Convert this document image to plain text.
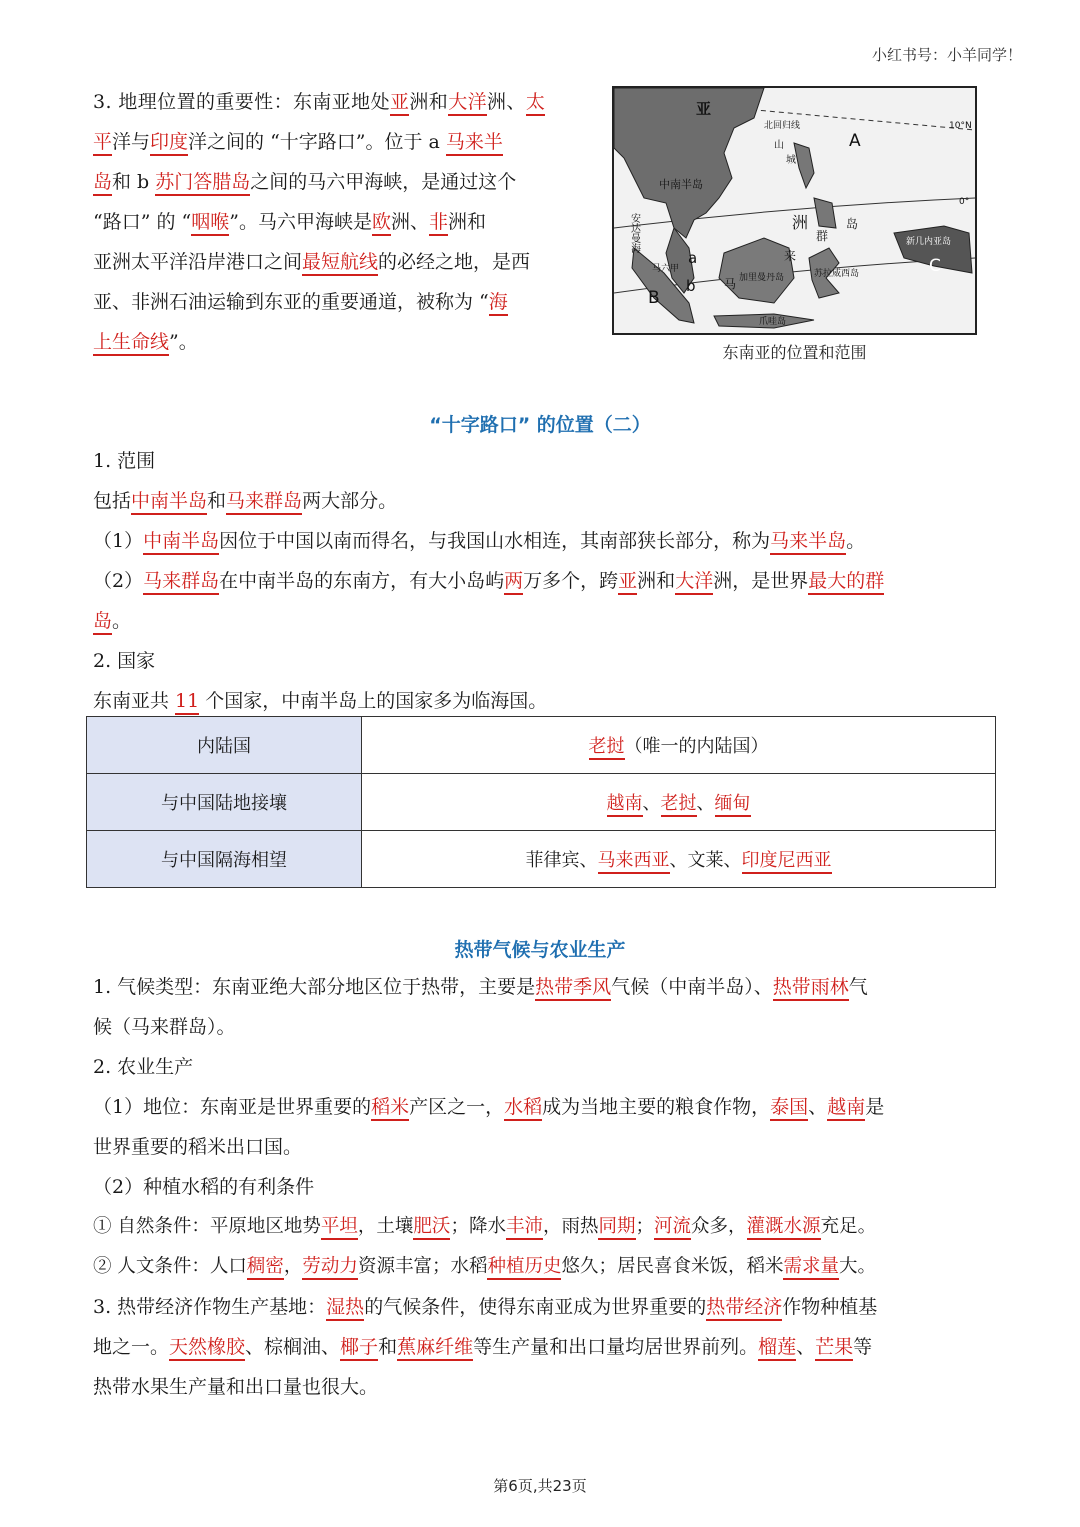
小红书号：小羊同学！

3. 地理位置的重要性：东南亚地处亚洲和大洋洲、太

平洋与印度洋之间的 “十字路口”。位于 a 马来半

岛和 b 苏门答腊岛之间的马六甲海峡，是通过这个

“路口” 的 “咽喉”。马六甲海峡是欧洲、非洲和

亚洲太平洋沿岸港口之间最短航线的必经之地，是西

亚、非洲石油运输到东亚的重要通道，被称为 “海

上生命线”。

亚
北回归线	10°N
0°
A
B
C
a
b
中南半岛
安达曼海
山
城
洲
群
岛
来
马
马六甲
加里曼丹岛	苏拉威西岛
新几内亚岛
爪哇岛
东南亚的位置和范围
“十字路口” 的位置（二）

1. 范围

包括中南半岛和马来群岛两大部分。

（1）中南半岛因位于中国以南而得名，与我国山水相连，其南部狭长部分，称为马来半岛。

（2）马来群岛在中南半岛的东南方，有大小岛屿两万多个，跨亚洲和大洋洲，是世界最大的群

岛。

2. 国家

东南亚共 11 个国家，中南半岛上的国家多为临海国。

内陆国	老挝（唯一的内陆国）
与中国陆地接壤	越南、老挝、缅甸
与中国隔海相望	菲律宾、马来西亚、文莱、印度尼西亚
热带气候与农业生产

1. 气候类型：东南亚绝大部分地区位于热带，主要是热带季风气候（中南半岛）、热带雨林气

候（马来群岛）。

2. 农业生产

（1）地位：东南亚是世界重要的稻米产区之一，水稻成为当地主要的粮食作物，泰国、越南是

世界重要的稻米出口国。

（2）种植水稻的有利条件

① 自然条件：平原地区地势平坦，土壤肥沃；降水丰沛，雨热同期；河流众多，灌溉水源充足。

② 人文条件：人口稠密，劳动力资源丰富；水稻种植历史悠久；居民喜食米饭，稻米需求量大。

3. 热带经济作物生产基地：湿热的气候条件，使得东南亚成为世界重要的热带经济作物种植基

地之一。天然橡胶、棕榈油、椰子和蕉麻纤维等生产量和出口量均居世界前列。榴莲、芒果等

热带水果生产量和出口量也很大。

第6页,共23页
